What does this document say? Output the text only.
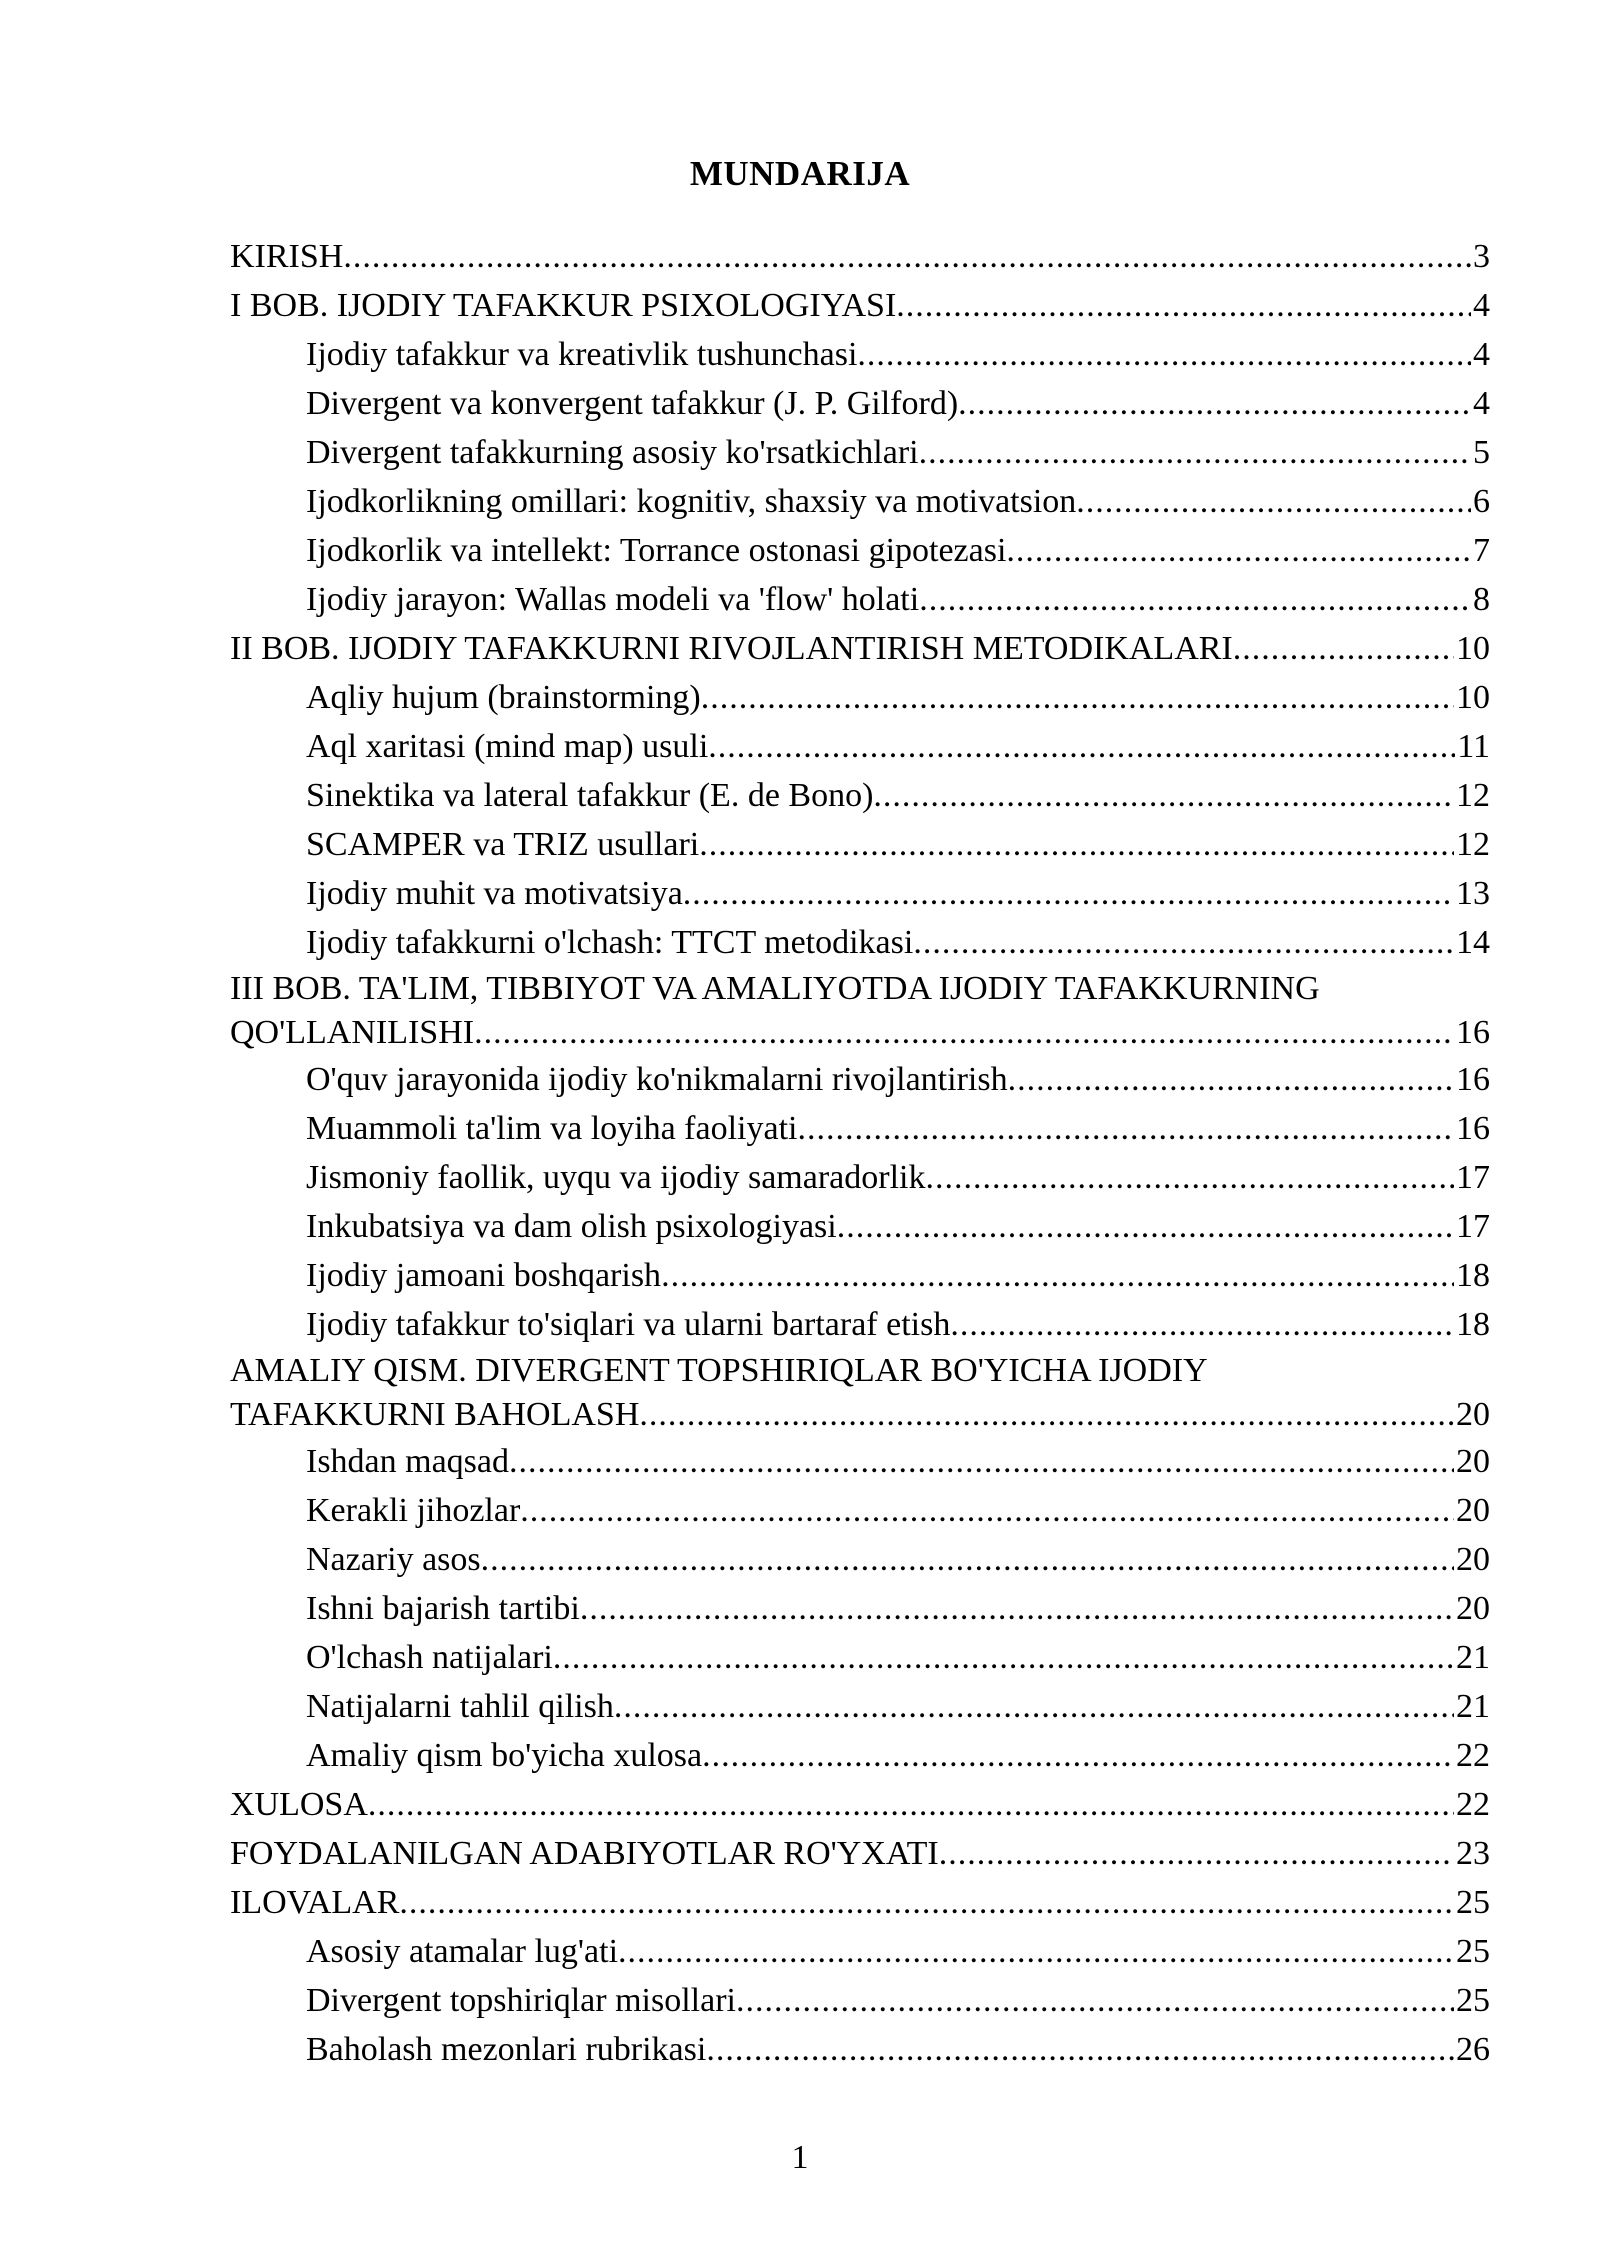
MUNDARIJA
KIRISH .....	3
I BOB. IJODIY TAFAKKUR PSIXOLOGIYASI .....	4
Ijodiy tafakkur va kreativlik tushunchasi .....	4
Divergent va konvergent tafakkur (J. P. Gilford) .....	4
Divergent tafakkurning asosiy ko'rsatkichlari .....	5
Ijodkorlikning omillari: kognitiv, shaxsiy va motivatsion .....	6
Ijodkorlik va intellekt: Torrance ostonasi gipotezasi .....	7
Ijodiy jarayon: Wallas modeli va 'flow' holati .....	8
II BOB. IJODIY TAFAKKURNI RIVOJLANTIRISH METODIKALARI .....	10
Aqliy hujum (brainstorming) .....	10
Aql xaritasi (mind map) usuli .....	11
Sinektika va lateral tafakkur (E. de Bono) .....	12
SCAMPER va TRIZ usullari .....	12
Ijodiy muhit va motivatsiya .....	13
Ijodiy tafakkurni o'lchash: TTCT metodikasi .....	14
III BOB. TA'LIM, TIBBIYOT VA AMALIYOTDA IJODIY TAFAKKURNING
QO'LLANILISHI .....	16
O'quv jarayonida ijodiy ko'nikmalarni rivojlantirish .....	16
Muammoli ta'lim va loyiha faoliyati .....	16
Jismoniy faollik, uyqu va ijodiy samaradorlik .....	17
Inkubatsiya va dam olish psixologiyasi .....	17
Ijodiy jamoani boshqarish .....	18
Ijodiy tafakkur to'siqlari va ularni bartaraf etish .....	18
AMALIY QISM. DIVERGENT TOPSHIRIQLAR BO'YICHA IJODIY
TAFAKKURNI BAHOLASH .....	20
Ishdan maqsad .....	20
Kerakli jihozlar .....	20
Nazariy asos .....	20
Ishni bajarish tartibi .....	20
O'lchash natijalari .....	21
Natijalarni tahlil qilish .....	21
Amaliy qism bo'yicha xulosa .....	22
XULOSA .....	22
FOYDALANILGAN ADABIYOTLAR RO'YXATI .....	23
ILOVALAR .....	25
Asosiy atamalar lug'ati .....	25
Divergent topshiriqlar misollari .....	25
Baholash mezonlari rubrikasi .....	26
1
